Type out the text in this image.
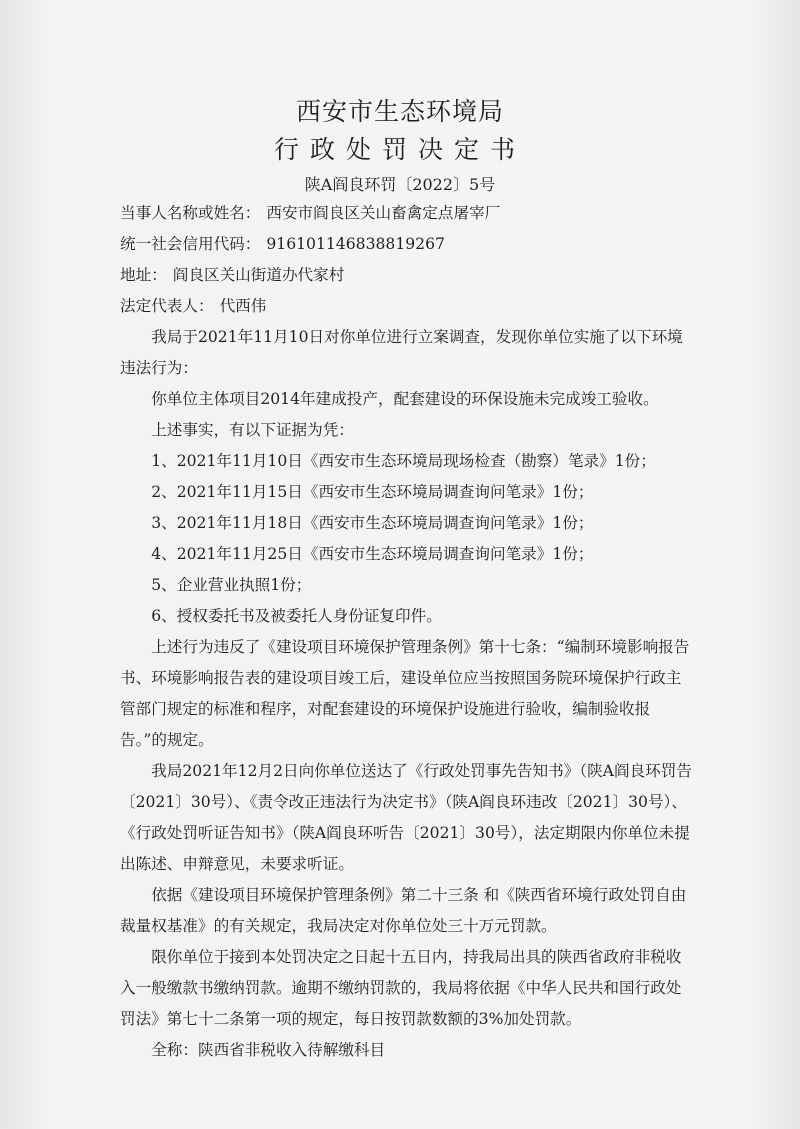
西安市生态环境局
行政处罚决定书
陕A阎良环罚〔2022〕5号

当事人名称或姓名： 西安市阎良区关山畜禽定点屠宰厂

统一社会信用代码： 916101146838819267

地址： 阎良区关山街道办代家村

法定代表人： 代西伟

我局于2021年11月10日对你单位进行立案调查，发现你单位实施了以下环境违法行为：

你单位主体项目2014年建成投产，配套建设的环保设施未完成竣工验收。

上述事实，有以下证据为凭：

1、2021年11月10日《西安市生态环境局现场检查（勘察）笔录》1份；

2、2021年11月15日《西安市生态环境局调查询问笔录》1份；

3、2021年11月18日《西安市生态环境局调查询问笔录》1份；

4、2021年11月25日《西安市生态环境局调查询问笔录》1份；

5、企业营业执照1份；

6、授权委托书及被委托人身份证复印件。

上述行为违反了《建设项目环境保护管理条例》第十七条：“编制环境影响报告书、环境影响报告表的建设项目竣工后，建设单位应当按照国务院环境保护行政主管部门规定的标准和程序，对配套建设的环境保护设施进行验收，编制验收报告。”的规定。

我局2021年12月2日向你单位送达了《行政处罚事先告知书》（陕A阎良环罚告〔2021〕30号）、《责令改正违法行为决定书》（陕A阎良环违改〔2021〕30号）、《行政处罚听证告知书》（陕A阎良环听告〔2021〕30号），法定期限内你单位未提出陈述、申辩意见，未要求听证。

依据《建设项目环境保护管理条例》第二十三条 和《陕西省环境行政处罚自由裁量权基准》的有关规定，我局决定对你单位处三十万元罚款。

限你单位于接到本处罚决定之日起十五日内，持我局出具的陕西省政府非税收入一般缴款书缴纳罚款。逾期不缴纳罚款的，我局将依据《中华人民共和国行政处罚法》第七十二条第一项的规定，每日按罚款数额的3%加处罚款。

全称：陕西省非税收入待解缴科目
